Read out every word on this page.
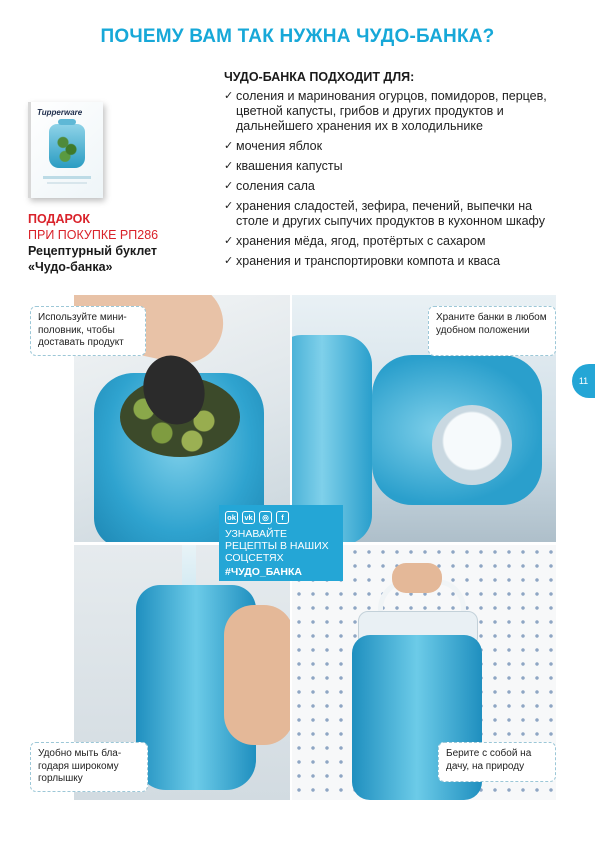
ПОЧЕМУ ВАМ ТАК НУЖНА ЧУДО-БАНКА?
Tupperware
ПОДАРОК
ПРИ ПОКУПКЕ РП286
Рецептурный буклет «Чудо-банка»
ЧУДО-БАНКА ПОДХОДИТ ДЛЯ:
✓ соления и маринования огурцов, помидоров, перцев, цветной капусты, грибов и других продуктов и дальнейшего хранения их в холодильнике
✓ мочения яблок
✓ квашения капусты
✓ соления сала
✓ хранения сладостей, зефира, печений, выпечки на столе и других сыпучих продуктов в кухонном шкафу
✓ хранения мёда, ягод, протёртых с сахаром
✓ хранения и транспортировки компота и кваса
Используйте мини-половник, чтобы доставать продукт
Храните банки в любом удобном положении
Удобно мыть бла-годаря широкому горлышку
Берите с собой на дачу, на природу
ok	vk	◎	f
УЗНАВАЙТЕ РЕЦЕПТЫ В НАШИХ СОЦСЕТЯХ
#ЧУДО_БАНКА
11
